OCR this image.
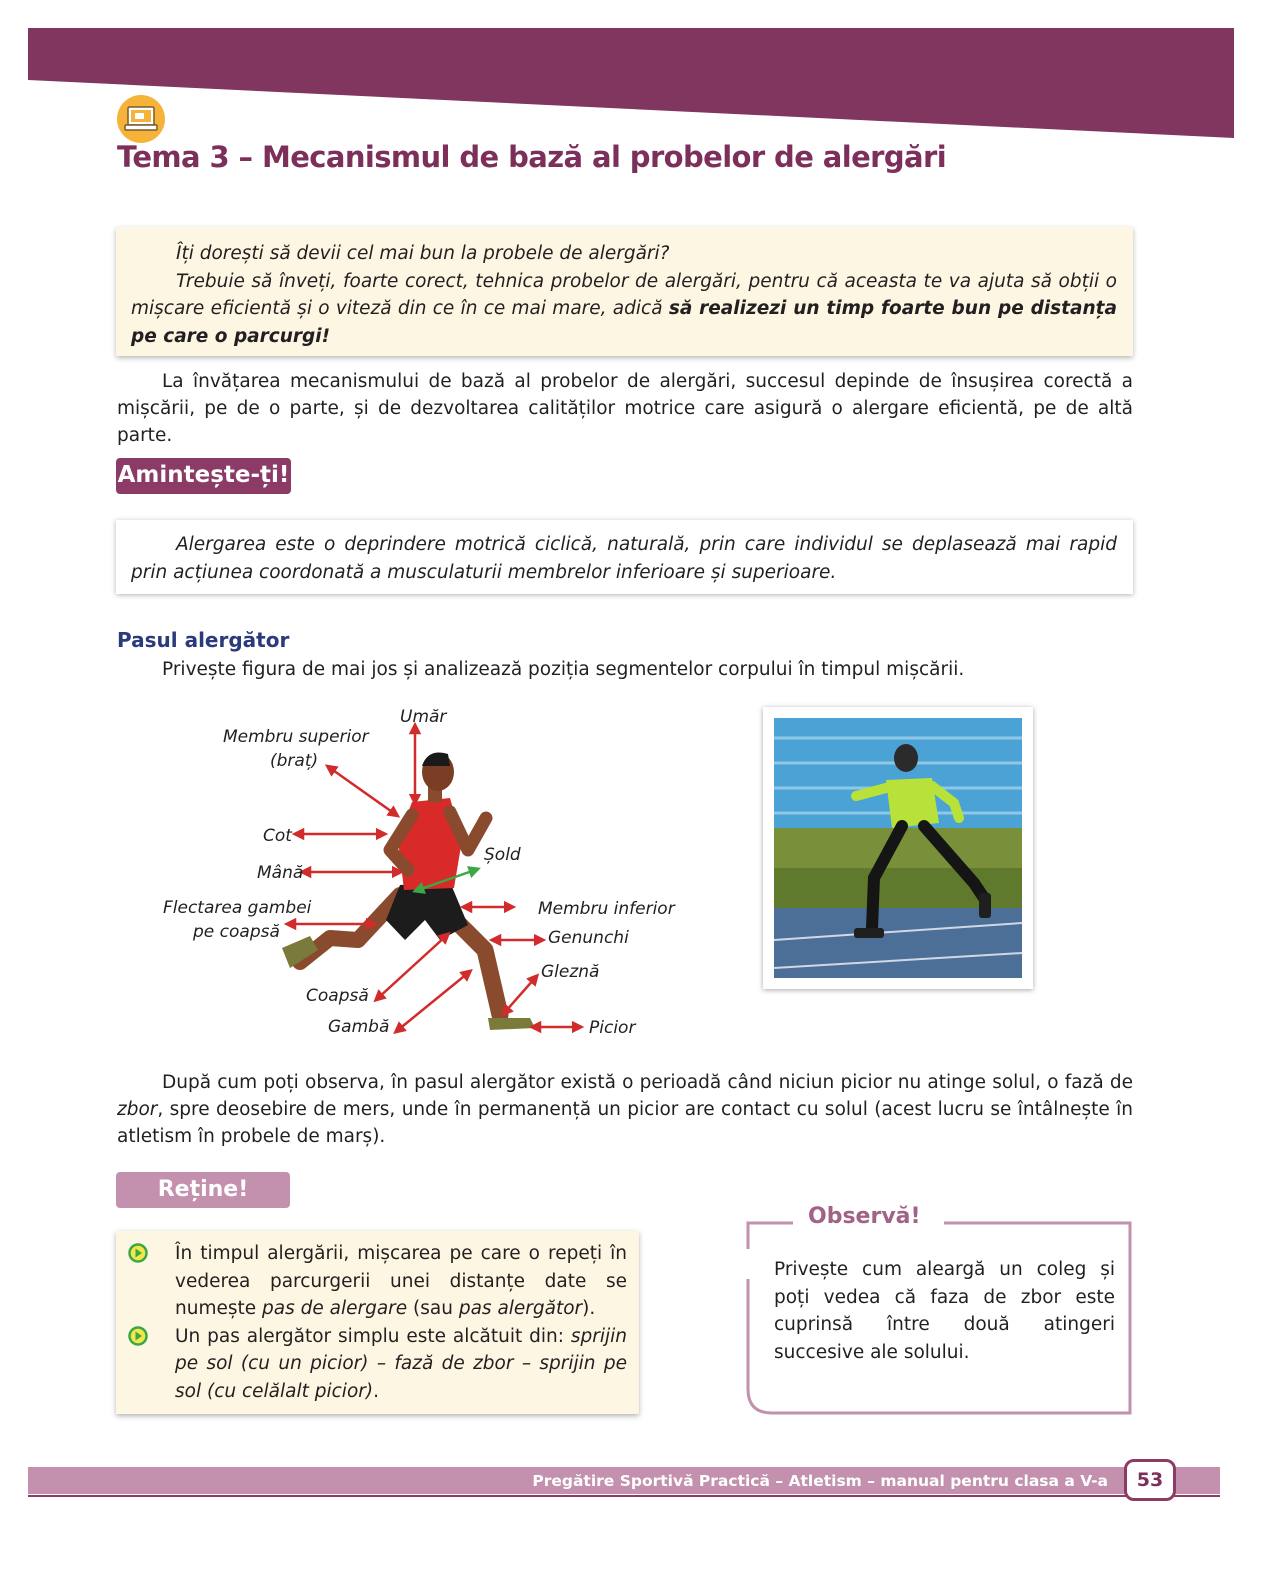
Tema 3 – Mecanismul de bază al probelor de alergări

Îți dorești să devii cel mai bun la probele de alergări?

Trebuie să înveți, foarte corect, tehnica probelor de alergări, pentru că aceasta te va ajuta să obții o mișcare eficientă și o viteză din ce în ce mai mare, adică să realizezi un timp foarte bun pe distanța pe care o parcurgi!

La învățarea mecanismului de bază al probelor de alergări, succesul depinde de însușirea corectă a mișcării, pe de o parte, și de dezvoltarea calităților motrice care asigură o alergare eficientă, pe de altă parte.
Amintește-ți!
Alergarea este o deprindere motrică ciclică, naturală, prin care individul se deplasează mai rapid prin acțiunea coordonată a musculaturii membrelor inferioare și superioare.
Pasul alergător
Privește figura de mai jos și analizează poziția segmentelor corpului în timpul mișcării.
Umăr
Membru superior
(braț)
Cot
Mână
Șold
Flectarea gambei
pe coapsă
Membru inferior
Genunchi
Gleznă
Coapsă
Gambă	Picior
După cum poți observa, în pasul alergător există o perioadă când niciun picior nu atinge solul, o fază de zbor, spre deosebire de mers, unde în permanență un picior are contact cu solul (acest lucru se întâlnește în atletism în probele de marș).
Reține!
În timpul alergării, mișcarea pe care o repeți în vederea parcurgerii unei distanțe date se numește pas de alergare (sau pas alergător).
Un pas alergător simplu este alcătuit din: sprijin pe sol (cu un picior) – fază de zbor – sprijin pe sol (cu celălalt picior).
Observă!
Privește cum aleargă un coleg și poți vedea că faza de zbor este cuprinsă între două atingeri succesive ale solului.
Pregătire Sportivă Practică – Atletism – manual pentru clasa a V-a	53
